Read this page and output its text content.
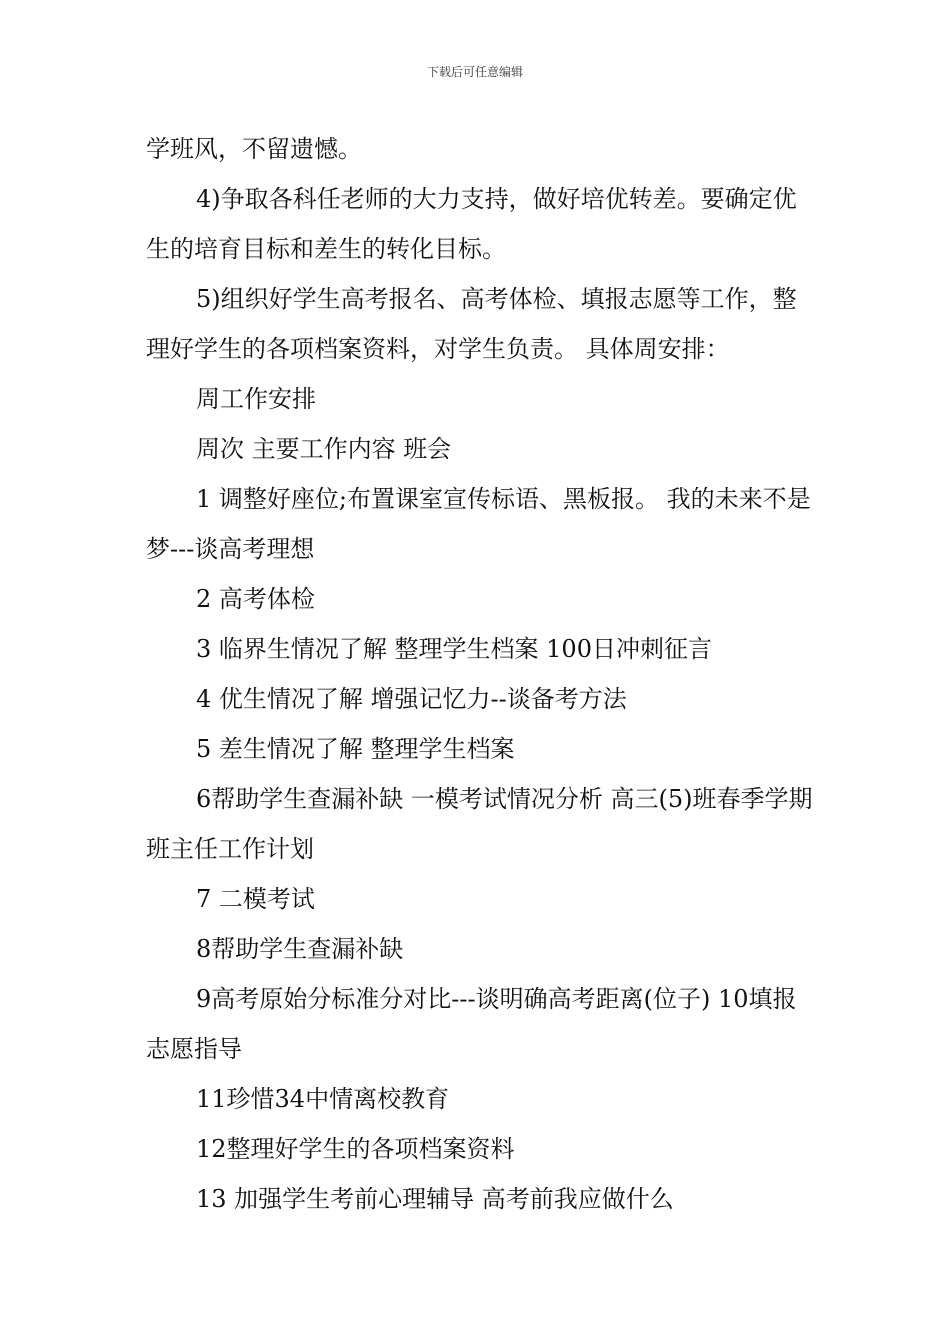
下载后可任意编辑

学班风，不留遗憾。

4)争取各科任老师的大力支持，做好培优转差。要确定优生的培育目标和差生的转化目标。

5)组织好学生高考报名、高考体检、填报志愿等工作，整理好学生的各项档案资料，对学生负责。 具体周安排：

周工作安排

周次 主要工作内容 班会

1 调整好座位;布置课室宣传标语、黑板报。 我的未来不是梦---谈高考理想

2 高考体检

3 临界生情况了解 整理学生档案 100日冲刺征言

4 优生情况了解 增强记忆力--谈备考方法

5 差生情况了解 整理学生档案

6帮助学生查漏补缺 一模考试情况分析 高三(5)班春季学期班主任工作计划

7 二模考试

8帮助学生查漏补缺

9高考原始分标准分对比---谈明确高考距离(位子) 10填报志愿指导

11珍惜34中情离校教育

12整理好学生的各项档案资料

13 加强学生考前心理辅导 高考前我应做什么
